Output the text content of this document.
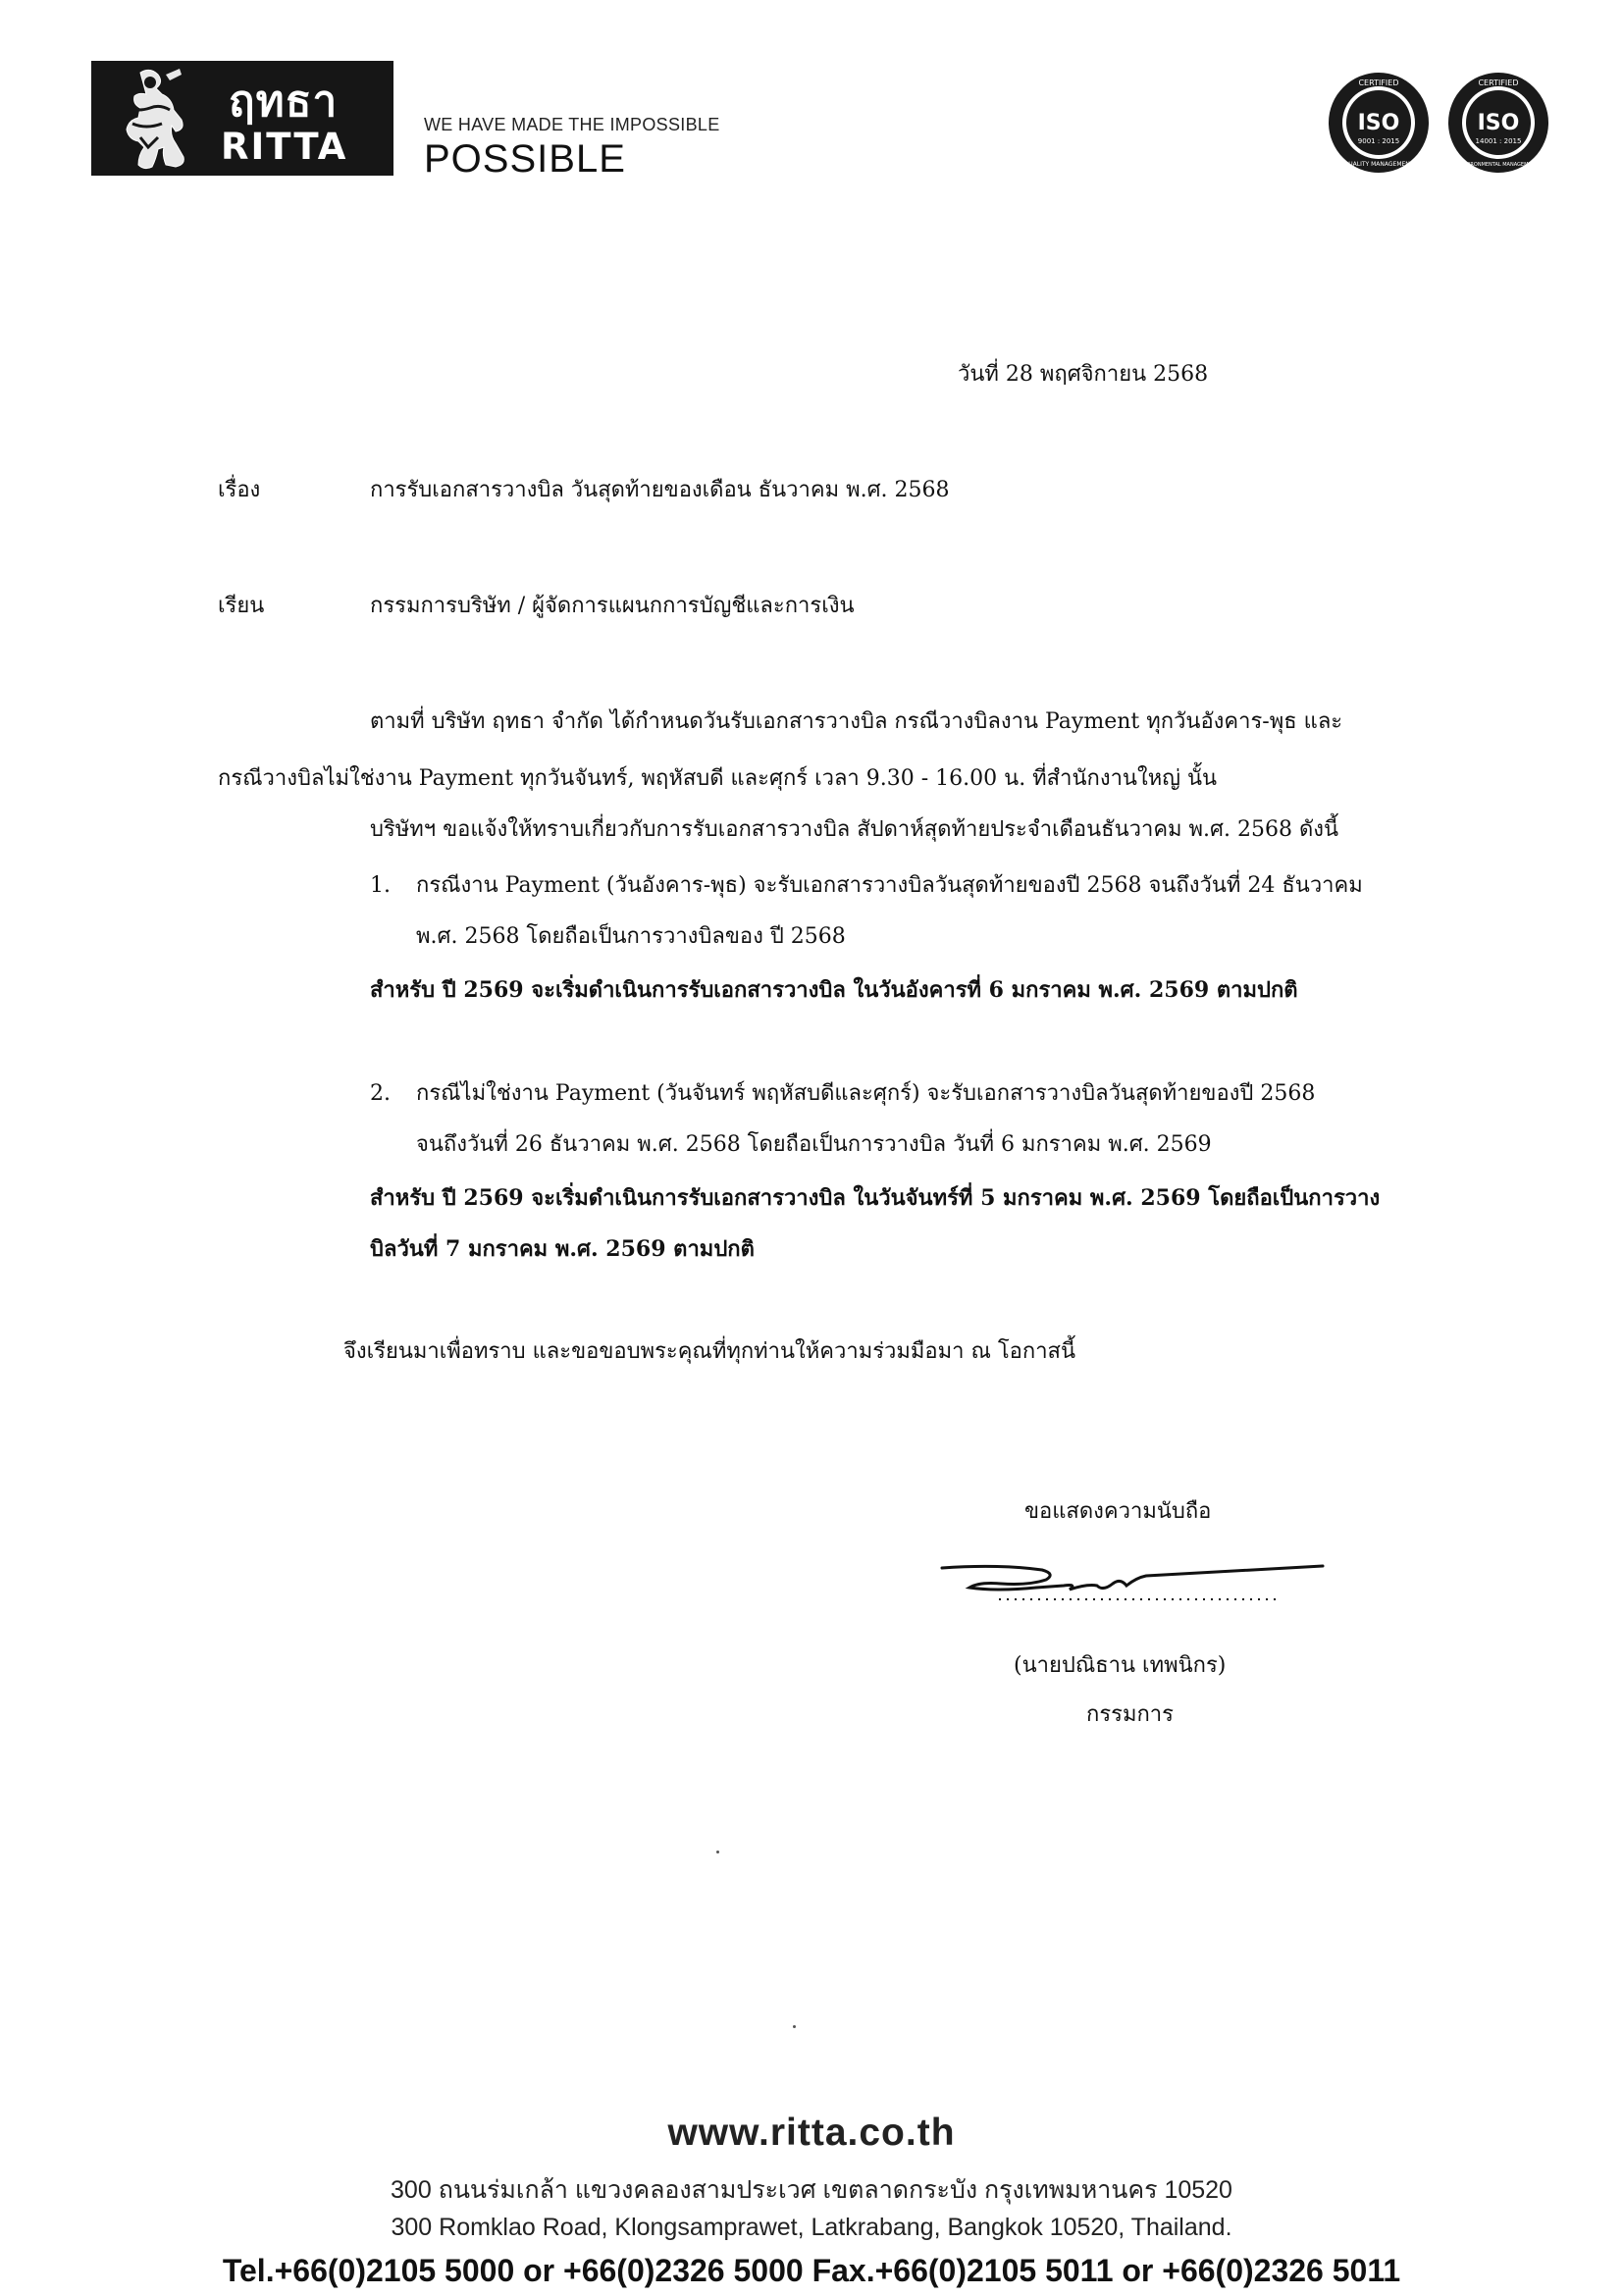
ฤทธา
RITTA
WE HAVE MADE THE IMPOSSIBLE
POSSIBLE
CERTIFIED
ISO
9001 : 2015
QUALITY MANAGEMENT
CERTIFIED
ISO
14001 : 2015
ENVIRONMENTAL MANAGEMENT
วันที่ 28 พฤศจิกายน 2568
เรื่อง	การรับเอกสารวางบิล วันสุดท้ายของเดือน ธันวาคม พ.ศ. 2568
เรียน	กรรมการบริษัท / ผู้จัดการแผนกการบัญชีและการเงิน
ตามที่ บริษัท ฤทธา จำกัด ได้กำหนดวันรับเอกสารวางบิล กรณีวางบิลงาน Payment ทุกวันอังคาร-พุธ และ
กรณีวางบิลไม่ใช่งาน Payment ทุกวันจันทร์, พฤหัสบดี และศุกร์ เวลา 9.30 - 16.00 น. ที่สำนักงานใหญ่ นั้น
บริษัทฯ ขอแจ้งให้ทราบเกี่ยวกับการรับเอกสารวางบิล สัปดาห์สุดท้ายประจำเดือนธันวาคม พ.ศ. 2568 ดังนี้
1. กรณีงาน Payment (วันอังคาร-พุธ) จะรับเอกสารวางบิลวันสุดท้ายของปี 2568 จนถึงวันที่ 24 ธันวาคม
พ.ศ. 2568 โดยถือเป็นการวางบิลของ ปี 2568
สำหรับ ปี 2569 จะเริ่มดำเนินการรับเอกสารวางบิล ในวันอังคารที่ 6 มกราคม พ.ศ. 2569 ตามปกติ
2. กรณีไม่ใช่งาน Payment (วันจันทร์ พฤหัสบดีและศุกร์) จะรับเอกสารวางบิลวันสุดท้ายของปี 2568
จนถึงวันที่ 26 ธันวาคม พ.ศ. 2568 โดยถือเป็นการวางบิล วันที่ 6 มกราคม พ.ศ. 2569
สำหรับ ปี 2569 จะเริ่มดำเนินการรับเอกสารวางบิล ในวันจันทร์ที่ 5 มกราคม พ.ศ. 2569 โดยถือเป็นการวาง
บิลวันที่ 7 มกราคม พ.ศ. 2569 ตามปกติ
จึงเรียนมาเพื่อทราบ และขอขอบพระคุณที่ทุกท่านให้ความร่วมมือมา ณ โอกาสนี้
ขอแสดงความนับถือ
(นายปณิธาน เทพนิกร)
กรรมการ
www.ritta.co.th
300 ถนนร่มเกล้า แขวงคลองสามประเวศ เขตลาดกระบัง กรุงเทพมหานคร 10520
300 Romklao Road, Klongsamprawet, Latkrabang, Bangkok 10520, Thailand.
Tel.+66(0)2105 5000 or +66(0)2326 5000 Fax.+66(0)2105 5011 or +66(0)2326 5011
